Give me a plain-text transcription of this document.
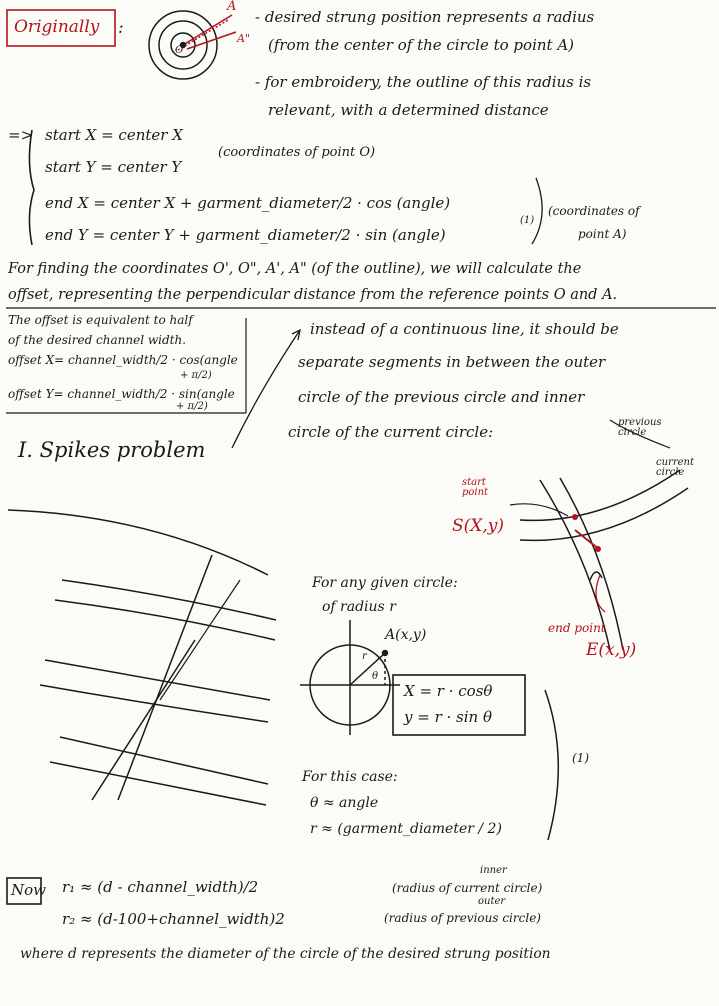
Originally :
A
A"
O
- desired strung position represents a radius
(from the center of the circle to point A)
- for embroidery, the outline of this radius is
relevant, with a determined distance
=> start X = center X
start Y = center Y
(coordinates of point O)
end X = center X + garment_diameter/2 · cos (angle)
end Y = center Y + garment_diameter/2 · sin (angle)
(1)
(coordinates of
point A)
For finding the coordinates O', O", A', A" (of the outline), we will calculate the
offset, representing the perpendicular distance from the reference points O and A.
The offset is equivalent to half
of the desired channel width.
offset X= channel_width/2 · cos(angle
+ π/2)
offset Y= channel_width/2 · sin(angle
+ π/2)
instead of a continuous line, it should be
separate segments in between the outer
circle of the previous circle and inner
circle of the current circle:
I. Spikes problem
previous circle
current circle
start point
S(X,y)
end point
E(x,y)
For any given circle:
of radius r
A(x,y)
r
θ
X = r · cosθ
y = r · sin θ
For this case:
θ ≈ angle
r ≈ (garment_diameter / 2)
(1)
Now r₁ ≈ (d - channel_width)/2	(radius of current circle)
inner
r₂ ≈ (d-100+channel_width)2	(radius of previous circle)
outer
where d represents the diameter of the circle of the desired strung position
